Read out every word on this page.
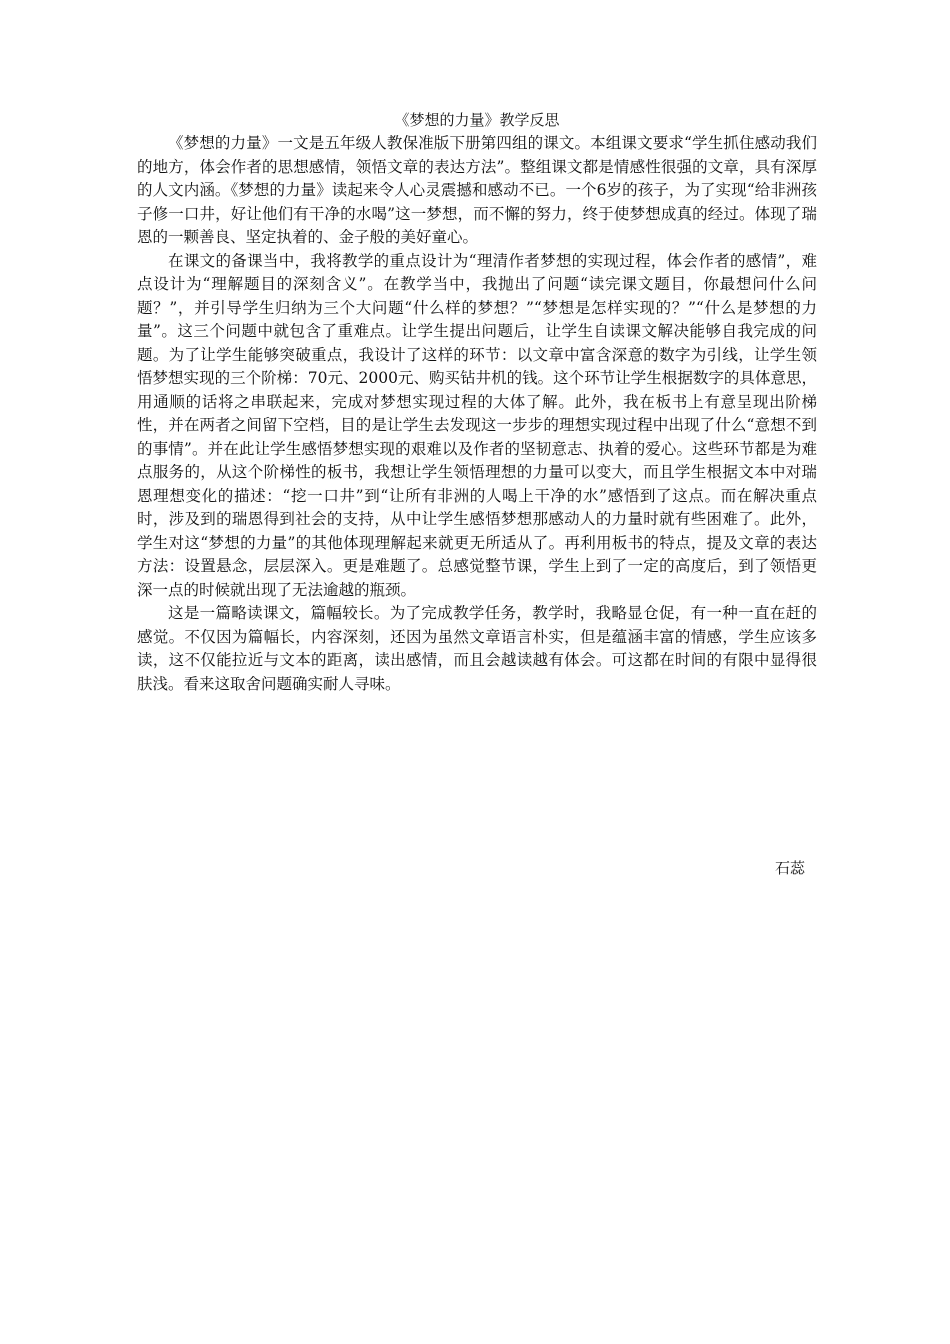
《梦想的力量》教学反思

《梦想的力量》一文是五年级人教保准版下册第四组的课文。本组课文要求“学生抓住感动我们的地方，体会作者的思想感情，领悟文章的表达方法”。整组课文都是情感性很强的文章，具有深厚的人文内涵。《梦想的力量》读起来令人心灵震撼和感动不已。一个6岁的孩子，为了实现“给非洲孩子修一口井，好让他们有干净的水喝”这一梦想，而不懈的努力，终于使梦想成真的经过。体现了瑞恩的一颗善良、坚定执着的、金子般的美好童心。

在课文的备课当中，我将教学的重点设计为“理清作者梦想的实现过程，体会作者的感情”，难点设计为“理解题目的深刻含义”。在教学当中，我抛出了问题“读完课文题目，你最想问什么问题？”，并引导学生归纳为三个大问题“什么样的梦想？”“梦想是怎样实现的？”“什么是梦想的力量”。这三个问题中就包含了重难点。让学生提出问题后，让学生自读课文解决能够自我完成的问题。为了让学生能够突破重点，我设计了这样的环节：以文章中富含深意的数字为引线，让学生领悟梦想实现的三个阶梯：70元、2000元、购买钻井机的钱。这个环节让学生根据数字的具体意思，用通顺的话将之串联起来，完成对梦想实现过程的大体了解。此外，我在板书上有意呈现出阶梯性，并在两者之间留下空档，目的是让学生去发现这一步步的理想实现过程中出现了什么“意想不到的事情”。并在此让学生感悟梦想实现的艰难以及作者的坚韧意志、执着的爱心。这些环节都是为难点服务的，从这个阶梯性的板书，我想让学生领悟理想的力量可以变大，而且学生根据文本中对瑞恩理想变化的描述：“挖一口井”到“让所有非洲的人喝上干净的水”感悟到了这点。而在解决重点时，涉及到的瑞恩得到社会的支持，从中让学生感悟梦想那感动人的力量时就有些困难了。此外，学生对这“梦想的力量”的其他体现理解起来就更无所适从了。再利用板书的特点，提及文章的表达方法：设置悬念，层层深入。更是难题了。总感觉整节课，学生上到了一定的高度后，到了领悟更深一点的时候就出现了无法逾越的瓶颈。

这是一篇略读课文，篇幅较长。为了完成教学任务，教学时，我略显仓促，有一种一直在赶的感觉。不仅因为篇幅长，内容深刻，还因为虽然文章语言朴实，但是蕴涵丰富的情感，学生应该多读，这不仅能拉近与文本的距离，读出感情，而且会越读越有体会。可这都在时间的有限中显得很肤浅。看来这取舍问题确实耐人寻味。

石蕊
